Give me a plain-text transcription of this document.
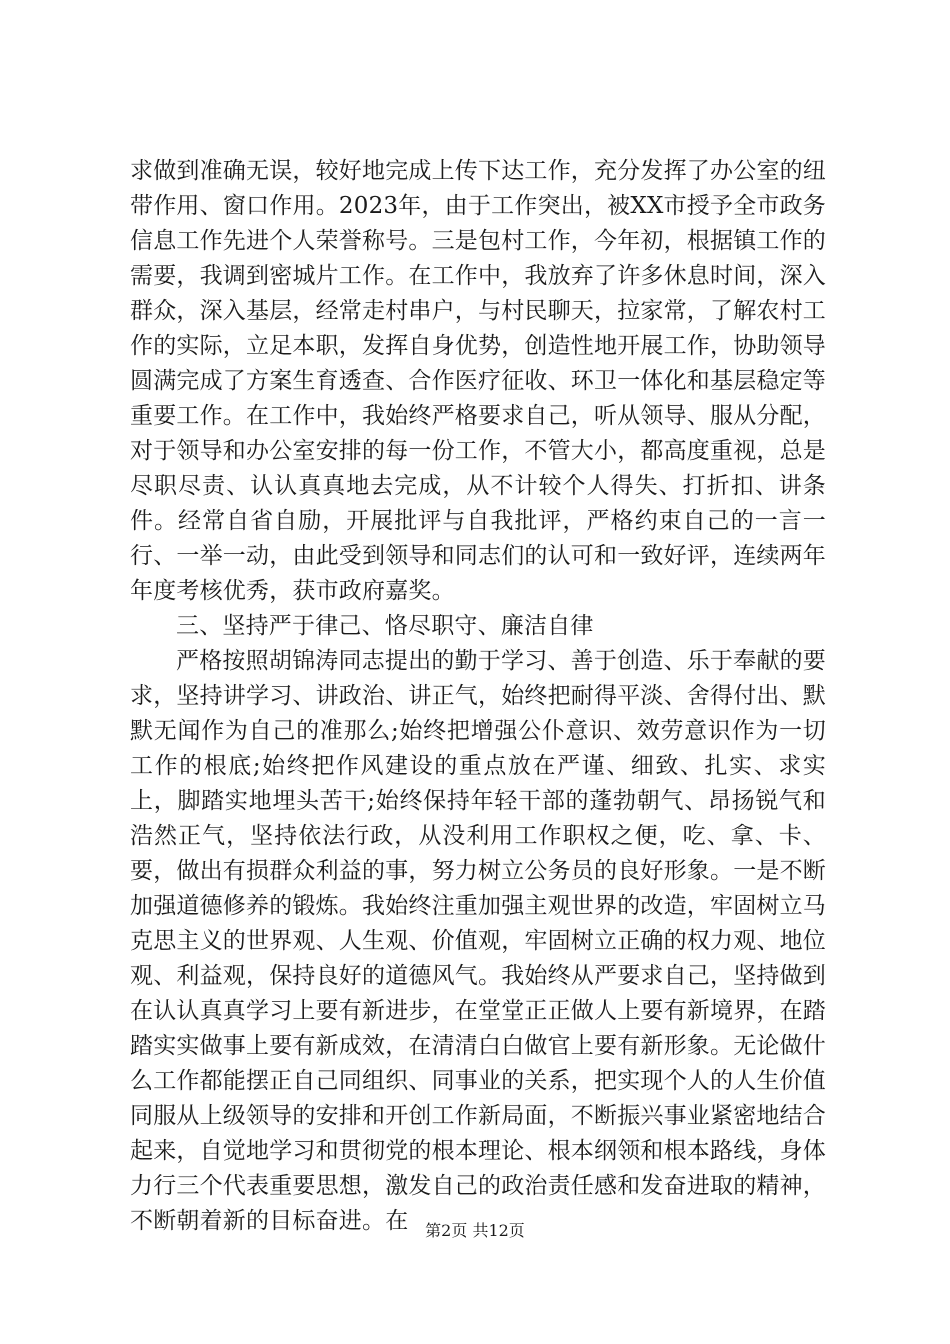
求做到准确无误，较好地完成上传下达工作，充分发挥了办公室的纽带作用、窗口作用。2023年，由于工作突出，被XX市授予全市政务信息工作先进个人荣誉称号。三是包村工作，今年初，根据镇工作的需要，我调到密城片工作。在工作中，我放弃了许多休息时间，深入群众，深入基层，经常走村串户，与村民聊天，拉家常，了解农村工作的实际，立足本职，发挥自身优势，创造性地开展工作，协助领导圆满完成了方案生育透查、合作医疗征收、环卫一体化和基层稳定等重要工作。在工作中，我始终严格要求自己，听从领导、服从分配，对于领导和办公室安排的每一份工作，不管大小，都高度重视，总是尽职尽责、认认真真地去完成，从不计较个人得失、打折扣、讲条件。经常自省自励，开展批评与自我批评，严格约束自己的一言一行、一举一动，由此受到领导和同志们的认可和一致好评，连续两年年度考核优秀，获市政府嘉奖。

三、坚持严于律己、恪尽职守、廉洁自律

严格按照胡锦涛同志提出的勤于学习、善于创造、乐于奉献的要求，坚持讲学习、讲政治、讲正气，始终把耐得平淡、舍得付出、默默无闻作为自己的准那么;始终把增强公仆意识、效劳意识作为一切工作的根底;始终把作风建设的重点放在严谨、细致、扎实、求实上，脚踏实地埋头苦干;始终保持年轻干部的蓬勃朝气、昂扬锐气和浩然正气，坚持依法行政，从没利用工作职权之便，吃、拿、卡、要，做出有损群众利益的事，努力树立公务员的良好形象。一是不断加强道德修养的锻炼。我始终注重加强主观世界的改造，牢固树立马克思主义的世界观、人生观、价值观，牢固树立正确的权力观、地位观、利益观，保持良好的道德风气。我始终从严要求自己，坚持做到在认认真真学习上要有新进步，在堂堂正正做人上要有新境界，在踏踏实实做事上要有新成效，在清清白白做官上要有新形象。无论做什么工作都能摆正自己同组织、同事业的关系，把实现个人的人生价值同服从上级领导的安排和开创工作新局面，不断振兴事业紧密地结合起来，自觉地学习和贯彻党的根本理论、根本纲领和根本路线，身体力行三个代表重要思想，激发自己的政治责任感和发奋进取的精神，不断朝着新的目标奋进。在	第2页 共12页
